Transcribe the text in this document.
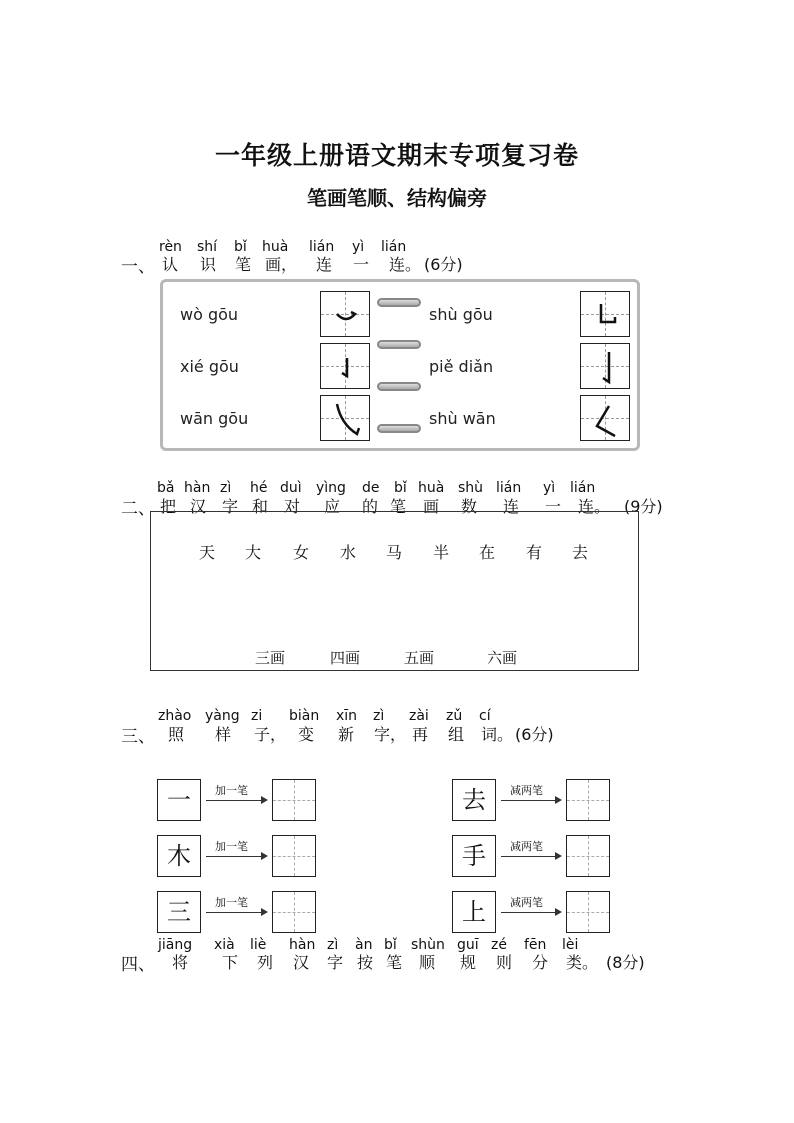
一年级上册语文期末专项复习卷
笔画笔顺、结构偏旁
一、
rèn shí bǐ huà lián yì lián
认 识 笔 画， 连 一 连。 (6分)
wò gōu
xié gōu
wān gōu
shù gōu
piě diǎn
shù wān
二、
bǎ hàn zì hé duì yìng de bǐ huà shù lián yì lián
把 汉 字 和 对 应 的 笔 画 数 连 一 连。 (9分)
天 大 女 水 马 半 在 有 去
三画	四画	五画	六画
三、
zhào yàng zi biàn xīn zì zài zǔ cí
照 样 子， 变 新 字， 再 组 词。 (6分)
一	加一笔
木	加一笔
三	加一笔
去	减两笔
手	减两笔
上	减两笔
四、
jiāng xià liè hàn zì àn bǐ shùn guī zé fēn lèi
将 下 列 汉 字 按 笔 顺 规 则 分 类。 (8分)
